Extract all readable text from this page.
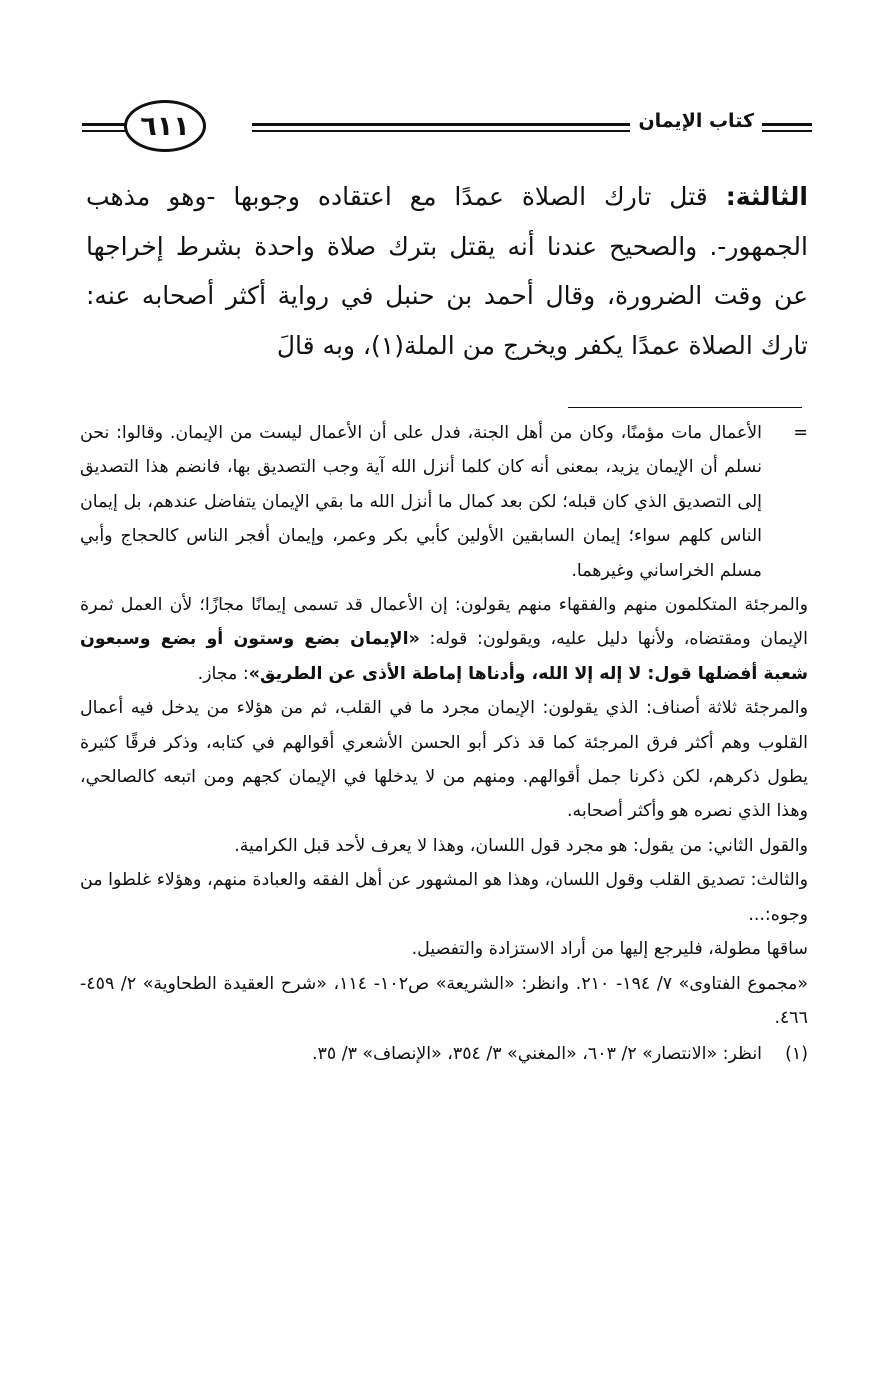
٦١١	كتاب الإيمان
الثالثة: قتل تارك الصلاة عمدًا مع اعتقاده وجوبها -وهو مذهب الجمهور-. والصحيح عندنا أنه يقتل بترك صلاة واحدة بشرط إخراجها عن وقت الضرورة، وقال أحمد بن حنبل في رواية أكثر أصحابه عنه: تارك الصلاة عمدًا يكفر ويخرج من الملة(١)، وبه قالَ

=
الأعمال مات مؤمنًا، وكان من أهل الجنة، فدل على أن الأعمال ليست من الإيمان. وقالوا: نحن نسلم أن الإيمان يزيد، بمعنى أنه كان كلما أنزل الله آية وجب التصديق بها، فانضم هذا التصديق إلى التصديق الذي كان قبله؛ لكن بعد كمال ما أنزل الله ما بقي الإيمان يتفاضل عندهم، بل إيمان الناس كلهم سواء؛ إيمان السابقين الأولين كأبي بكر وعمر، وإيمان أفجر الناس كالحجاج وأبي مسلم الخراساني وغيرهما.

والمرجئة المتكلمون منهم والفقهاء منهم يقولون: إن الأعمال قد تسمى إيمانًا مجازًا؛ لأن العمل ثمرة الإيمان ومقتضاه، ولأنها دليل عليه، ويقولون: قوله: «الإيمان بضع وستون أو بضع وسبعون شعبة أفضلها قول: لا إله إلا الله، وأدناها إماطة الأذى عن الطريق»: مجاز.

والمرجئة ثلاثة أصناف: الذي يقولون: الإيمان مجرد ما في القلب، ثم من هؤلاء من يدخل فيه أعمال القلوب وهم أكثر فرق المرجئة كما قد ذكر أبو الحسن الأشعري أقوالهم في كتابه، وذكر فرقًا كثيرة يطول ذكرهم، لكن ذكرنا جمل أقوالهم. ومنهم من لا يدخلها في الإيمان كجهم ومن اتبعه كالصالحي، وهذا الذي نصره هو وأكثر أصحابه.

والقول الثاني: من يقول: هو مجرد قول اللسان، وهذا لا يعرف لأحد قبل الكرامية.

والثالث: تصديق القلب وقول اللسان، وهذا هو المشهور عن أهل الفقه والعبادة منهم، وهؤلاء غلطوا من وجوه:...

ساقها مطولة، فليرجع إليها من أراد الاستزادة والتفصيل.

«مجموع الفتاوى» ٧/ ١٩٤- ٢١٠. وانظر: «الشريعة» ص١٠٢- ١١٤، «شرح العقيدة الطحاوية» ٢/ ٤٥٩- ٤٦٦.

(١)
انظر: «الانتصار» ٢/ ٦٠٣، «المغني» ٣/ ٣٥٤، «الإنصاف» ٣/ ٣٥.
